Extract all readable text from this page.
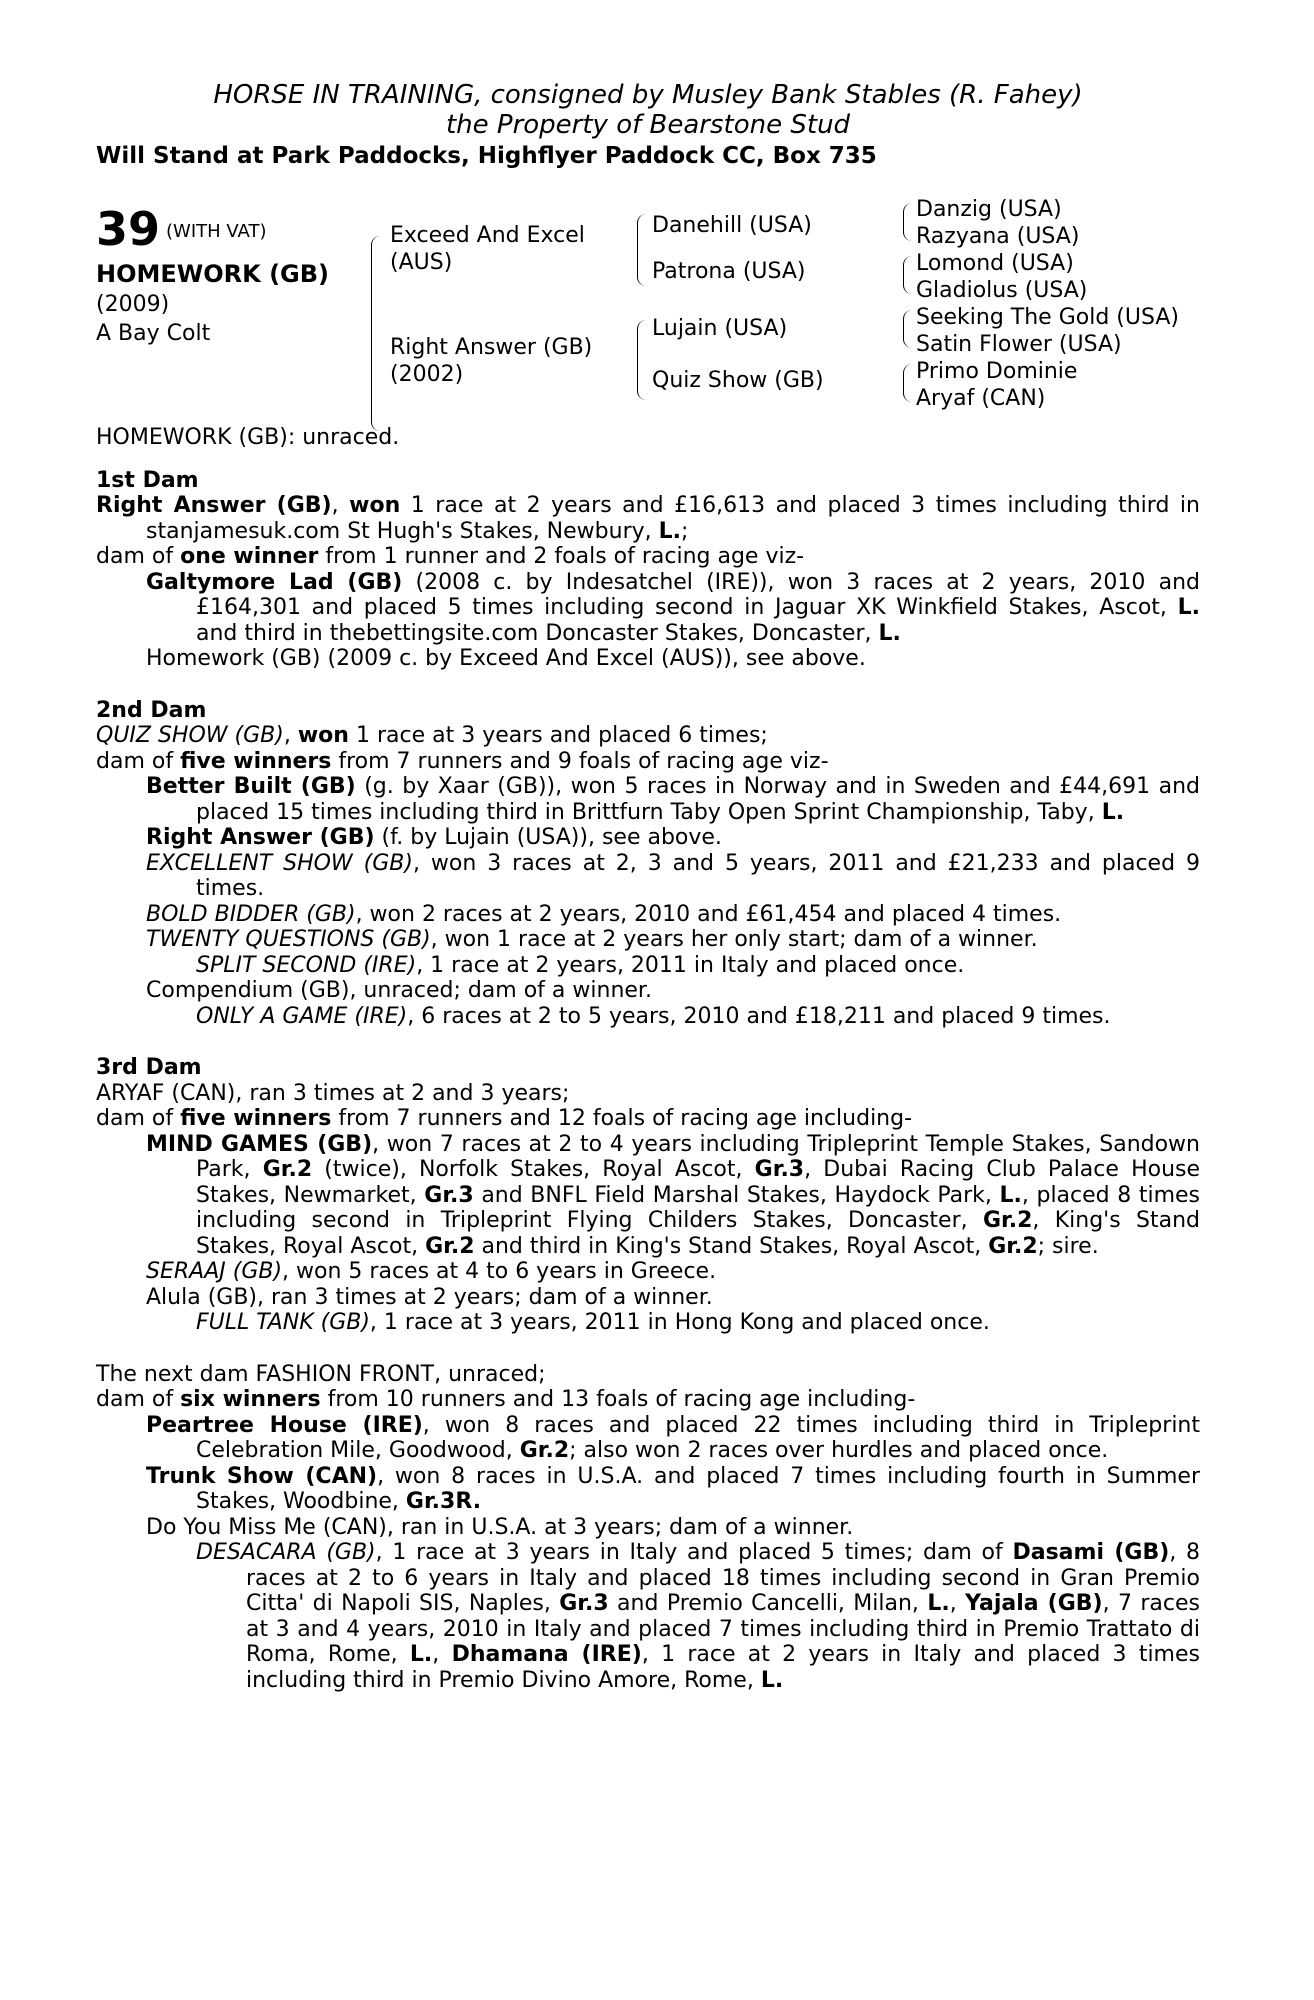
HORSE IN TRAINING, consigned by Musley Bank Stables (R. Fahey)
the Property of Bearstone Stud
Will Stand at Park Paddocks, Highflyer Paddock CC, Box 735
39 (WITH VAT)
HOMEWORK (GB)
(2009)
A Bay Colt
Exceed And Excel
(AUS)
Right Answer (GB)
(2002)
Danehill (USA)
Patrona (USA)
Lujain (USA)
Quiz Show (GB)
Danzig (USA)
Razyana (USA)
Lomond (USA)
Gladiolus (USA)
Seeking The Gold (USA)
Satin Flower (USA)
Primo Dominie
Aryaf (CAN)

HOMEWORK (GB): unraced.

1st Dam

Right Answer (GB), won 1 race at 2 years and £16,613 and placed 3 times including third in stanjamesuk.com St Hugh's Stakes, Newbury, L.;

dam of one winner from 1 runner and 2 foals of racing age viz-

Galtymore Lad (GB) (2008 c. by Indesatchel (IRE)), won 3 races at 2 years, 2010 and £164,301 and placed 5 times including second in Jaguar XK Winkfield Stakes, Ascot, L. and third in thebettingsite.com Doncaster Stakes, Doncaster, L.

Homework (GB) (2009 c. by Exceed And Excel (AUS)), see above.

2nd Dam

QUIZ SHOW (GB), won 1 race at 3 years and placed 6 times;

dam of five winners from 7 runners and 9 foals of racing age viz-

Better Built (GB) (g. by Xaar (GB)), won 5 races in Norway and in Sweden and £44,691 and placed 15 times including third in Brittfurn Taby Open Sprint Championship, Taby, L.

Right Answer (GB) (f. by Lujain (USA)), see above.

EXCELLENT SHOW (GB), won 3 races at 2, 3 and 5 years, 2011 and £21,233 and placed 9 times.

BOLD BIDDER (GB), won 2 races at 2 years, 2010 and £61,454 and placed 4 times.

TWENTY QUESTIONS (GB), won 1 race at 2 years her only start; dam of a winner.

SPLIT SECOND (IRE), 1 race at 2 years, 2011 in Italy and placed once.

Compendium (GB), unraced; dam of a winner.

ONLY A GAME (IRE), 6 races at 2 to 5 years, 2010 and £18,211 and placed 9 times.

3rd Dam

ARYAF (CAN), ran 3 times at 2 and 3 years;

dam of five winners from 7 runners and 12 foals of racing age including-

MIND GAMES (GB), won 7 races at 2 to 4 years including Tripleprint Temple Stakes, Sandown Park, Gr.2 (twice), Norfolk Stakes, Royal Ascot, Gr.3, Dubai Racing Club Palace House Stakes, Newmarket, Gr.3 and BNFL Field Marshal Stakes, Haydock Park, L., placed 8 times including second in Tripleprint Flying Childers Stakes, Doncaster, Gr.2, King's Stand Stakes, Royal Ascot, Gr.2 and third in King's Stand Stakes, Royal Ascot, Gr.2; sire.

SERAAJ (GB), won 5 races at 4 to 6 years in Greece.

Alula (GB), ran 3 times at 2 years; dam of a winner.

FULL TANK (GB), 1 race at 3 years, 2011 in Hong Kong and placed once.

The next dam FASHION FRONT, unraced;

dam of six winners from 10 runners and 13 foals of racing age including-

Peartree House (IRE), won 8 races and placed 22 times including third in Tripleprint Celebration Mile, Goodwood, Gr.2; also won 2 races over hurdles and placed once.

Trunk Show (CAN), won 8 races in U.S.A. and placed 7 times including fourth in Summer Stakes, Woodbine, Gr.3R.

Do You Miss Me (CAN), ran in U.S.A. at 3 years; dam of a winner.

DESACARA (GB), 1 race at 3 years in Italy and placed 5 times; dam of Dasami (GB), 8 races at 2 to 6 years in Italy and placed 18 times including second in Gran Premio Citta' di Napoli SIS, Naples, Gr.3 and Premio Cancelli, Milan, L., Yajala (GB), 7 races at 3 and 4 years, 2010 in Italy and placed 7 times including third in Premio Trattato di Roma, Rome, L., Dhamana (IRE), 1 race at 2 years in Italy and placed 3 times including third in Premio Divino Amore, Rome, L.
